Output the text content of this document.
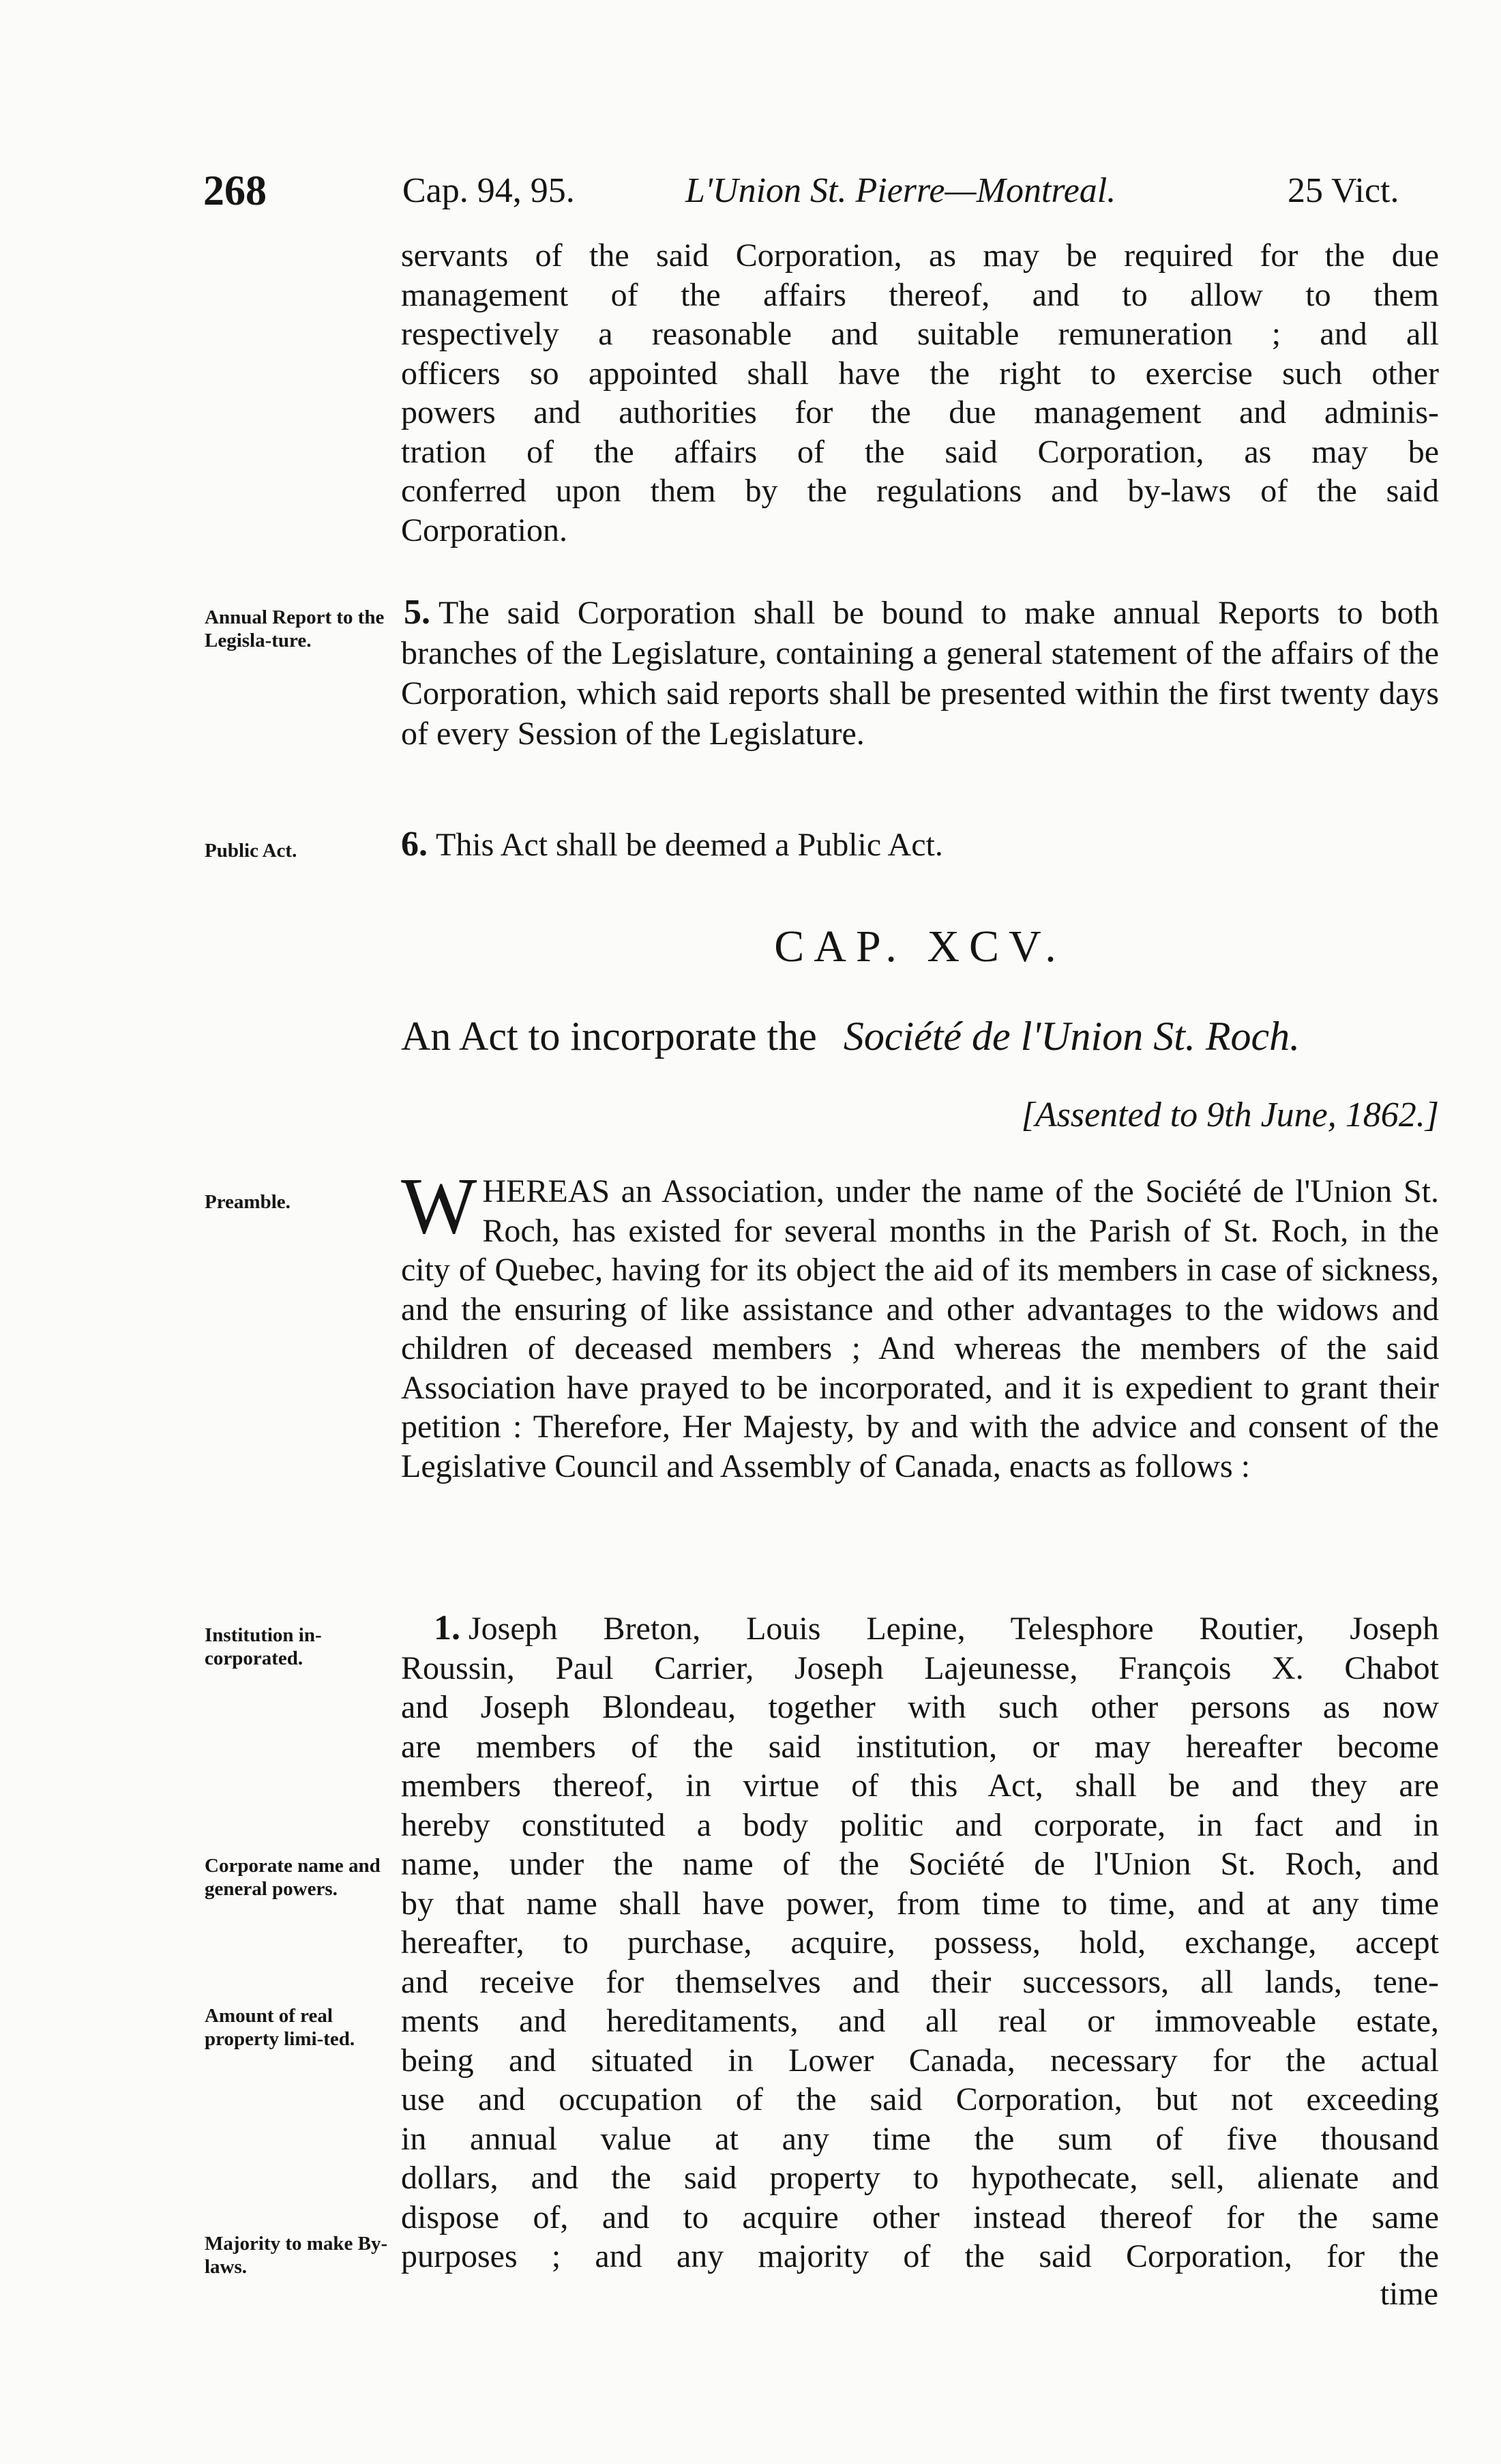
268	Cap. 94, 95.	L'Union St. Pierre—Montreal.	25 Vict.
servants of the said Corporation, as may be required for the due
management of the affairs thereof, and to allow to them
respectively a reasonable and suitable remuneration ; and all
officers so appointed shall have the right to exercise such other
powers and authorities for the due management and adminis-
tration of the affairs of the said Corporation, as may be
conferred upon them by the regulations and by-laws of the said
Corporation.
Annual Report to the Legisla-ture.

5. The said Corporation shall be bound to make annual Reports to both branches of the Legislature, containing a general statement of the affairs of the Corporation, which said reports shall be presented within the first twenty days of every Session of the Legislature.

Public Act.	6. This Act shall be deemed a Public Act.

CAP. XCV.
An Act to incorporate the Société de l'Union St. Roch.
[Assented to 9th June, 1862.]
Preamble.	WHEREAS an Association, under the name of the Société de l'Union St. Roch, has existed for several months in the Parish of St. Roch, in the city of Quebec, having for its object the aid of its members in case of sickness, and the ensuring of like assistance and other advantages to the widows and children of deceased members ; And whereas the members of the said Association have prayed to be incorporated, and it is expedient to grant their petition : Therefore, Her Majesty, by and with the advice and consent of the Legislative Council and Assembly of Canada, enacts as follows :

Institution in-corporated.
Corporate name and general powers.
Amount of real property limi-ted.
Majority to make By-laws.
1. Joseph Breton, Louis Lepine, Telesphore Routier, Joseph
Roussin, Paul Carrier, Joseph Lajeunesse, François X. Chabot
and Joseph Blondeau, together with such other persons as now
are members of the said institution, or may hereafter become
members thereof, in virtue of this Act, shall be and they are
hereby constituted a body politic and corporate, in fact and in
name, under the name of the Société de l'Union St. Roch, and
by that name shall have power, from time to time, and at any time
hereafter, to purchase, acquire, possess, hold, exchange, accept
and receive for themselves and their successors, all lands, tene-
ments and hereditaments, and all real or immoveable estate,
being and situated in Lower Canada, necessary for the actual
use and occupation of the said Corporation, but not exceeding
in annual value at any time the sum of five thousand
dollars, and the said property to hypothecate, sell, alienate and
dispose of, and to acquire other instead thereof for the same
purposes ; and any majority of the said Corporation, for the
time
